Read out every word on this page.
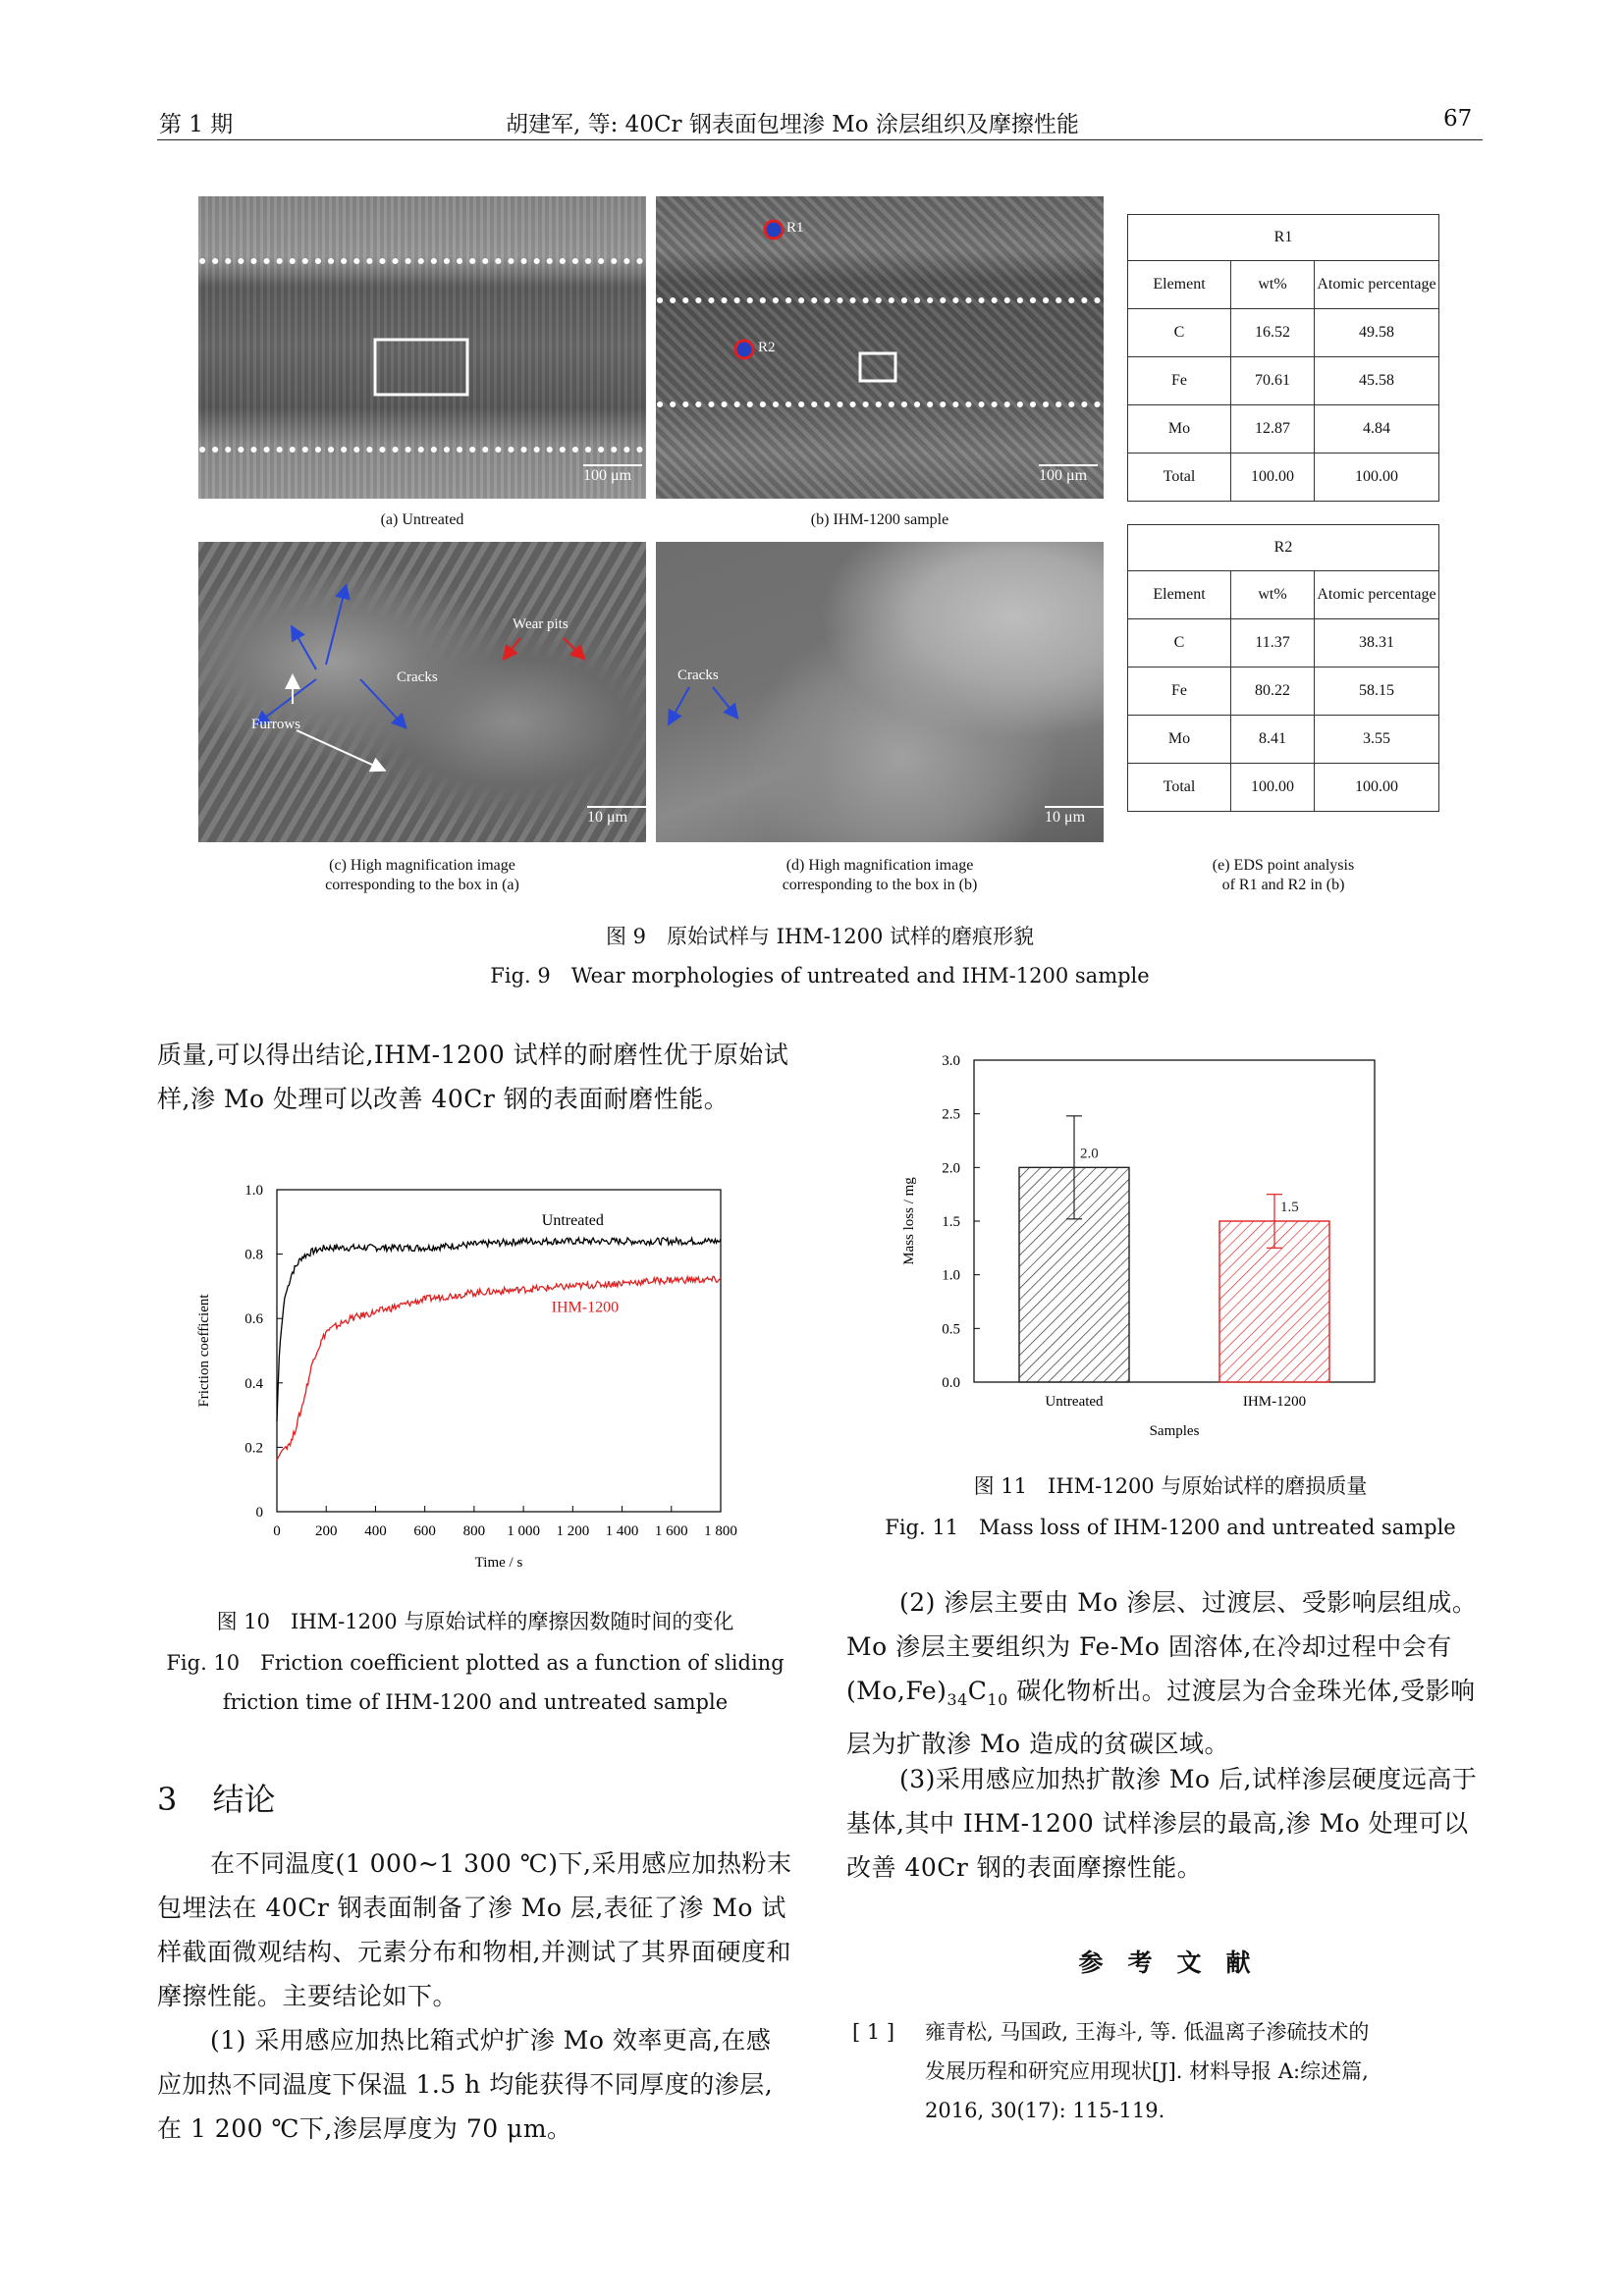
第 1 期	胡建军, 等: 40Cr 钢表面包埋渗 Mo 涂层组织及摩擦性能	67
100 μm
(a) Untreated
R1
R2
100 μm
(b) IHM-1200 sample
Wear pits
Cracks
Furrows
10 μm
(c) High magnification image
corresponding to the box in (a)
Cracks
10 μm
(d) High magnification image
corresponding to the box in (b)
R1		
Element	wt%	Atomic percentage
C	16.52	49.58
Fe	70.61	45.58
Mo	12.87	4.84
Total	100.00	100.00
R2		
Element	wt%	Atomic percentage
C	11.37	38.31
Fe	80.22	58.15
Mo	8.41	3.55
Total	100.00	100.00
(e) EDS point analysis
of R1 and R2 in (b)
图 9　原始试样与 IHM-1200 试样的磨痕形貌
Fig. 9　Wear morphologies of untreated and IHM-1200 sample

质量,可以得出结论,IHM-1200 试样的耐磨性优于原始试样,渗 Mo 处理可以改善 40Cr 钢的表面耐磨性能。

0 200 400 600 800 1 000 1 200 1 400 1 600 1 800
0
0.2
0.4
0.6
0.8
1.0
Time / s
Friction coefficient
Untreated
IHM-1200
图 10　IHM-1200 与原始试样的摩擦因数随时间的变化
Fig. 10　Friction coefficient plotted as a function of sliding
friction time of IHM-1200 and untreated sample
3 结论

在不同温度(1 000~1 300 ℃)下,采用感应加热粉末包埋法在 40Cr 钢表面制备了渗 Mo 层,表征了渗 Mo 试样截面微观结构、元素分布和物相,并测试了其界面硬度和摩擦性能。主要结论如下。

(1) 采用感应加热比箱式炉扩渗 Mo 效率更高,在感应加热不同温度下保温 1.5 h 均能获得不同厚度的渗层,在 1 200 ℃下,渗层厚度为 70 μm。

0.0
0.5
1.0
1.5
2.0
2.5
3.0
2.0
Untreated
1.5
IHM-1200
Samples
Mass loss / mg
图 11　IHM-1200 与原始试样的磨损质量
Fig. 11　Mass loss of IHM-1200 and untreated sample

(2) 渗层主要由 Mo 渗层、过渡层、受影响层组成。Mo 渗层主要组织为 Fe-Mo 固溶体,在冷却过程中会有$(Mo,Fe)_{34}C_{10}$ 碳化物析出。过渡层为合金珠光体,受影响层为扩散渗 Mo 造成的贫碳区域。

(3)采用感应加热扩散渗 Mo 后,试样渗层硬度远高于基体,其中 IHM-1200 试样渗层的最高,渗 Mo 处理可以改善 40Cr 钢的表面摩擦性能。

参　考　文　献
[ 1 ] 雍青松, 马国政, 王海斗, 等. 低温离子渗硫技术的
发展历程和研究应用现状[J]. 材料导报 A:综述篇,
2016, 30(17): 115-119.
